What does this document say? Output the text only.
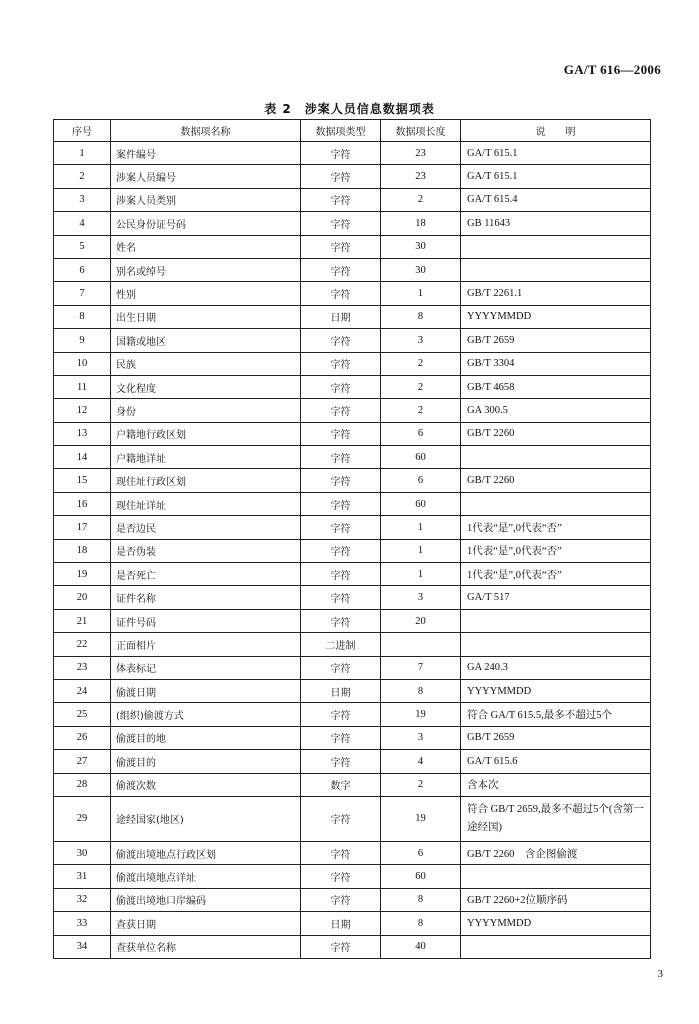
GA/T 616—2006
表 2　涉案人员信息数据项表
序号	数据项名称	数据项类型	数据项长度	说　　明
1	案件编号	字符	23	GA/T 615.1
2	涉案人员编号	字符	23	GA/T 615.1
3	涉案人员类别	字符	2	GA/T 615.4
4	公民身份证号码	字符	18	GB 11643
5	姓名	字符	30	
6	别名或绰号	字符	30	
7	性别	字符	1	GB/T 2261.1
8	出生日期	日期	8	YYYYMMDD
9	国籍或地区	字符	3	GB/T 2659
10	民族	字符	2	GB/T 3304
11	文化程度	字符	2	GB/T 4658
12	身份	字符	2	GA 300.5
13	户籍地行政区划	字符	6	GB/T 2260
14	户籍地详址	字符	60	
15	现住址行政区划	字符	6	GB/T 2260
16	现住址详址	字符	60	
17	是否边民	字符	1	1代表“是”,0代表“否”
18	是否伪装	字符	1	1代表“是”,0代表“否”
19	是否死亡	字符	1	1代表“是”,0代表“否”
20	证件名称	字符	3	GA/T 517
21	证件号码	字符	20	
22	正面相片	二进制		
23	体表标记	字符	7	GA 240.3
24	偷渡日期	日期	8	YYYYMMDD
25	(组织)偷渡方式	字符	19	符合 GA/T 615.5,最多不超过5个
26	偷渡目的地	字符	3	GB/T 2659
27	偷渡目的	字符	4	GA/T 615.6
28	偷渡次数	数字	2	含本次
29	途经国家(地区)	字符	19	符合 GB/T 2659,最多不超过5个(含第一途经国)
30	偷渡出境地点行政区划	字符	6	GB/T 2260　含企图偷渡
31	偷渡出境地点详址	字符	60	
32	偷渡出境地口岸编码	字符	8	GB/T 2260+2位顺序码
33	查获日期	日期	8	YYYYMMDD
34	查获单位名称	字符	40	
3
